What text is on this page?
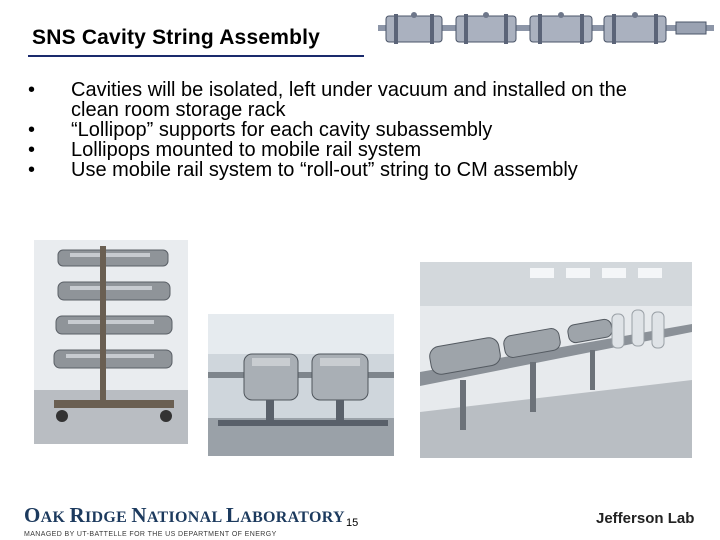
SNS Cavity String Assembly
• Cavities will be isolated, left under vacuum and installed on the clean room storage rack
• “Lollipop” supports for each cavity subassembly
• Lollipops mounted to mobile rail system
• Use mobile rail system to “roll-out” string to CM assembly
OAK RIDGE NATIONAL LABORATORY
MANAGED BY UT-BATTELLE FOR THE US DEPARTMENT OF ENERGY
15	Jefferson Lab
